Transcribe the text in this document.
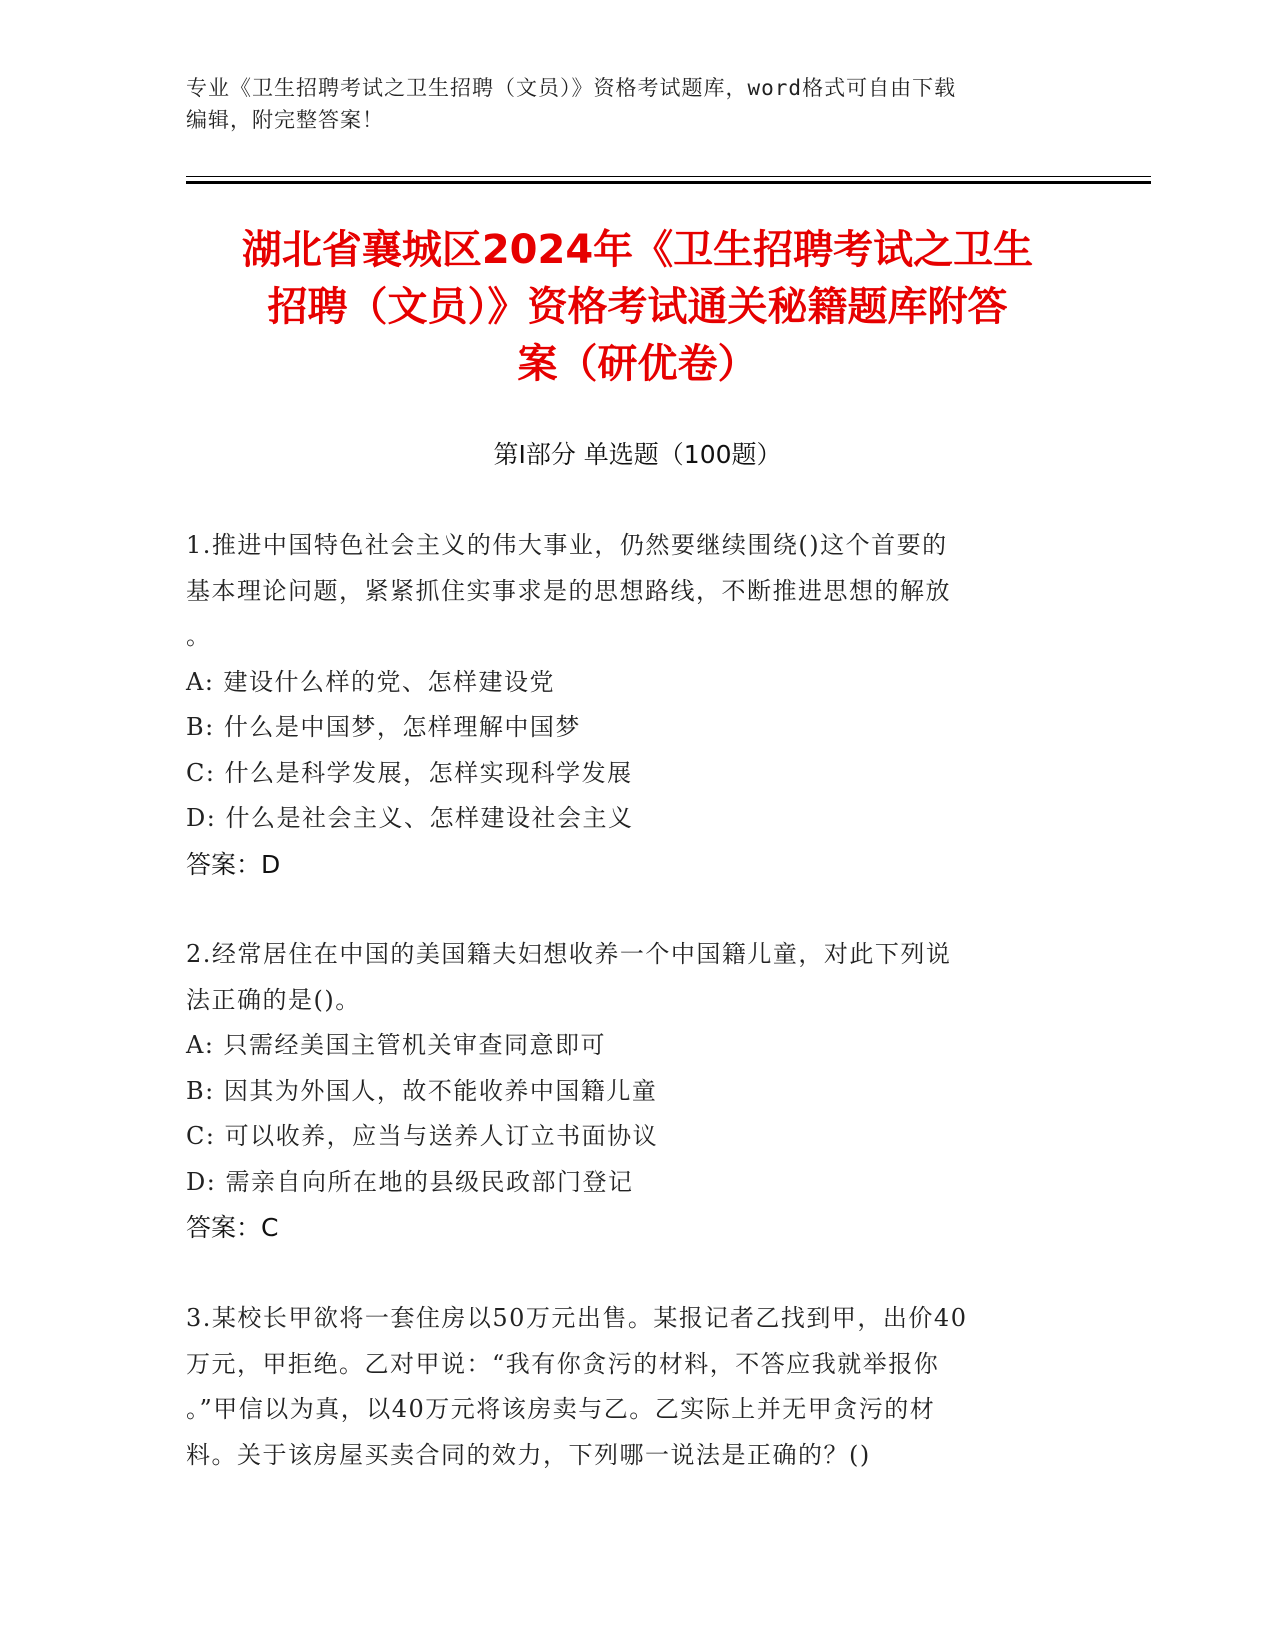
专业《卫生招聘考试之卫生招聘（文员）》资格考试题库，word格式可自由下载
编辑，附完整答案！
湖北省襄城区2024年《卫生招聘考试之卫生
招聘（文员）》资格考试通关秘籍题库附答
案（研优卷）
第Ⅰ部分 单选题（100题）
1.推进中国特色社会主义的伟大事业，仍然要继续围绕()这个首要的
基本理论问题，紧紧抓住实事求是的思想路线，不断推进思想的解放
。
A: 建设什么样的党、怎样建设党
B: 什么是中国梦，怎样理解中国梦
C: 什么是科学发展，怎样实现科学发展
D: 什么是社会主义、怎样建设社会主义
答案：D
2.经常居住在中国的美国籍夫妇想收养一个中国籍儿童，对此下列说
法正确的是()。
A: 只需经美国主管机关审查同意即可
B: 因其为外国人，故不能收养中国籍儿童
C: 可以收养，应当与送养人订立书面协议
D: 需亲自向所在地的县级民政部门登记
答案：C
3.某校长甲欲将一套住房以50万元出售。某报记者乙找到甲，出价40
万元，甲拒绝。乙对甲说：“我有你贪污的材料，不答应我就举报你
。”甲信以为真，以40万元将该房卖与乙。乙实际上并无甲贪污的材
料。关于该房屋买卖合同的效力，下列哪一说法是正确的？()
